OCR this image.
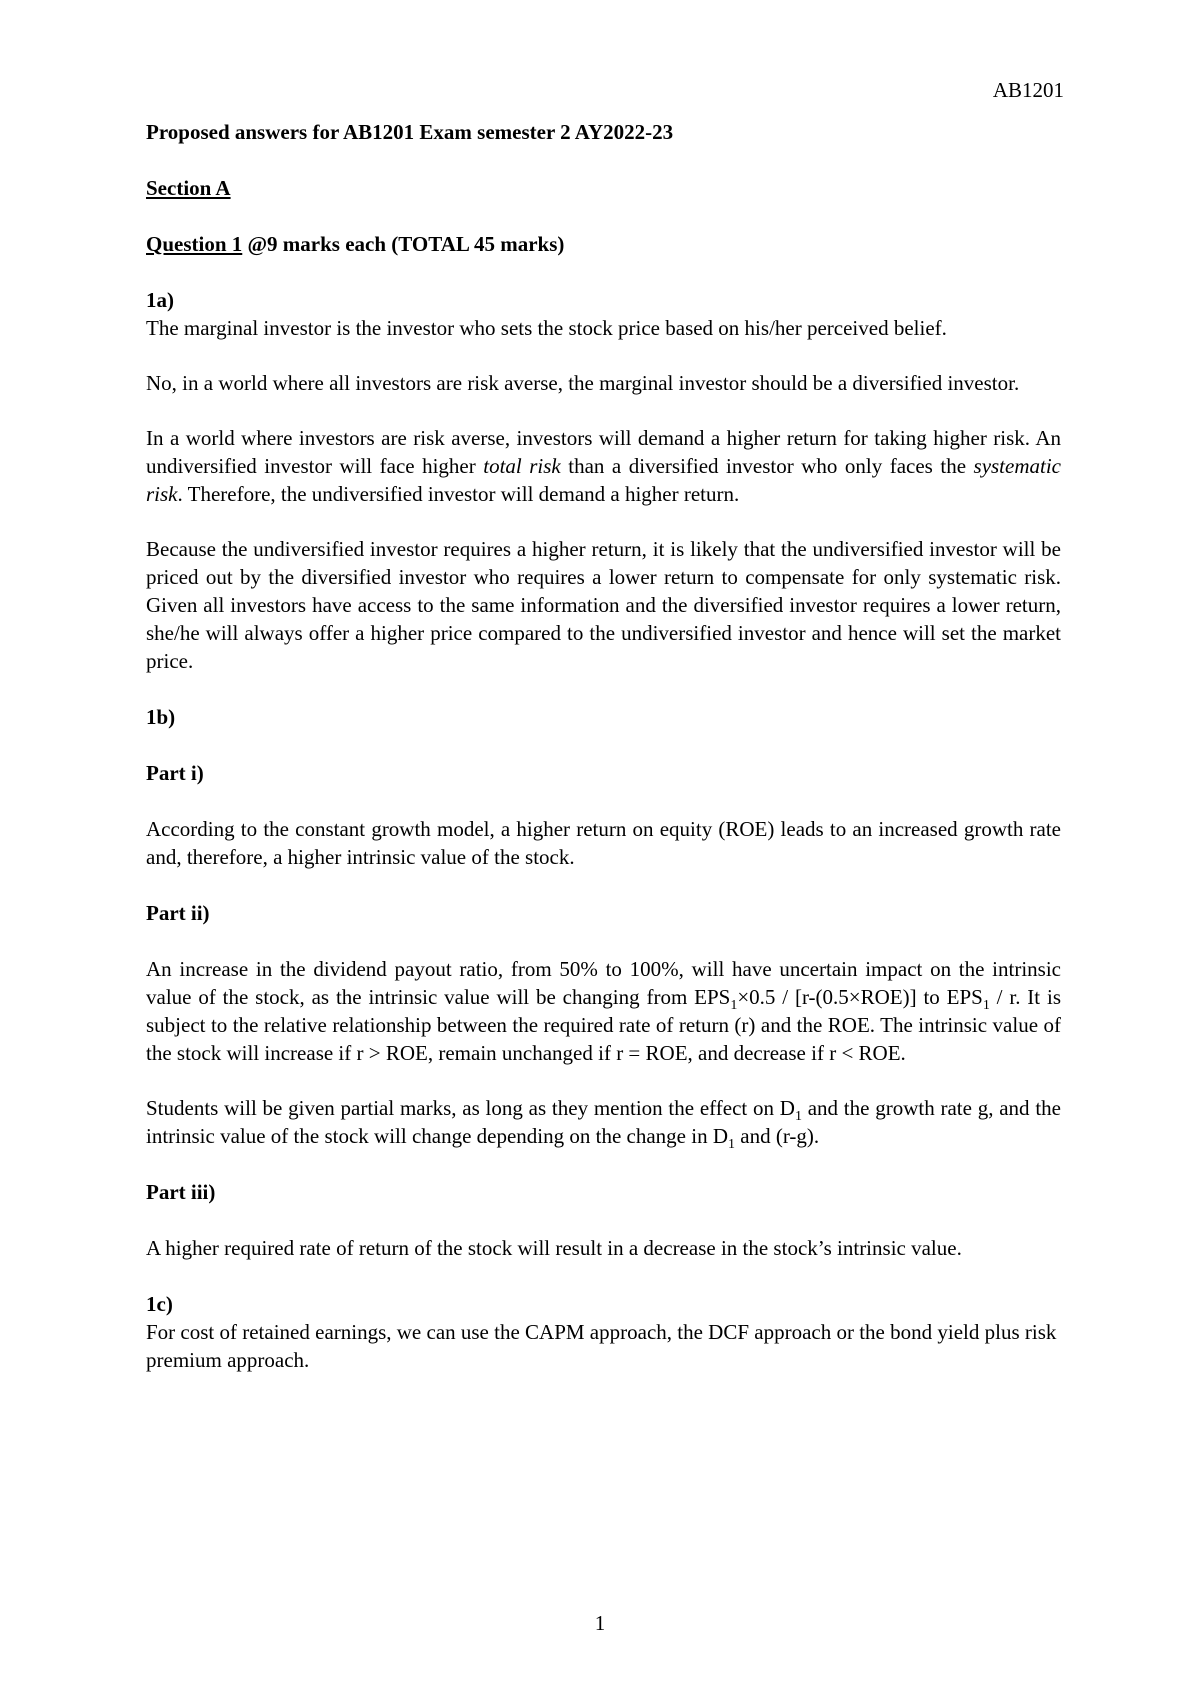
AB1201

Proposed answers for AB1201 Exam semester 2 AY2022-23

Section A

Question 1 @9 marks each (TOTAL 45 marks)

1a)

The marginal investor is the investor who sets the stock price based on his/her perceived belief.

No, in a world where all investors are risk averse, the marginal investor should be a diversified investor.

In a world where investors are risk averse, investors will demand a higher return for taking higher risk. An undiversified investor will face higher total risk than a diversified investor who only faces the systematic risk. Therefore, the undiversified investor will demand a higher return.

Because the undiversified investor requires a higher return, it is likely that the undiversified investor will be priced out by the diversified investor who requires a lower return to compensate for only systematic risk. Given all investors have access to the same information and the diversified investor requires a lower return, she/he will always offer a higher price compared to the undiversified investor and hence will set the market price.

1b)

Part i)

According to the constant growth model, a higher return on equity (ROE) leads to an increased growth rate and, therefore, a higher intrinsic value of the stock.

Part ii)

An increase in the dividend payout ratio, from 50% to 100%, will have uncertain impact on the intrinsic value of the stock, as the intrinsic value will be changing from $EPS_1\times 0.5 / [r-(0.5\times ROE)]$ to $EPS_1$ / r. It is subject to the relative relationship between the required rate of return (r) and the ROE. The intrinsic value of the stock will increase if r > ROE, remain unchanged if r = ROE, and decrease if r < ROE.

Students will be given partial marks, as long as they mention the effect on $D_1$ and the growth rate g, and the intrinsic value of the stock will change depending on the change in $D_1$ and (r-g).

Part iii)

A higher required rate of return of the stock will result in a decrease in the stock’s intrinsic value.

1c)

For cost of retained earnings, we can use the CAPM approach, the DCF approach or the bond yield plus risk premium approach.

1
